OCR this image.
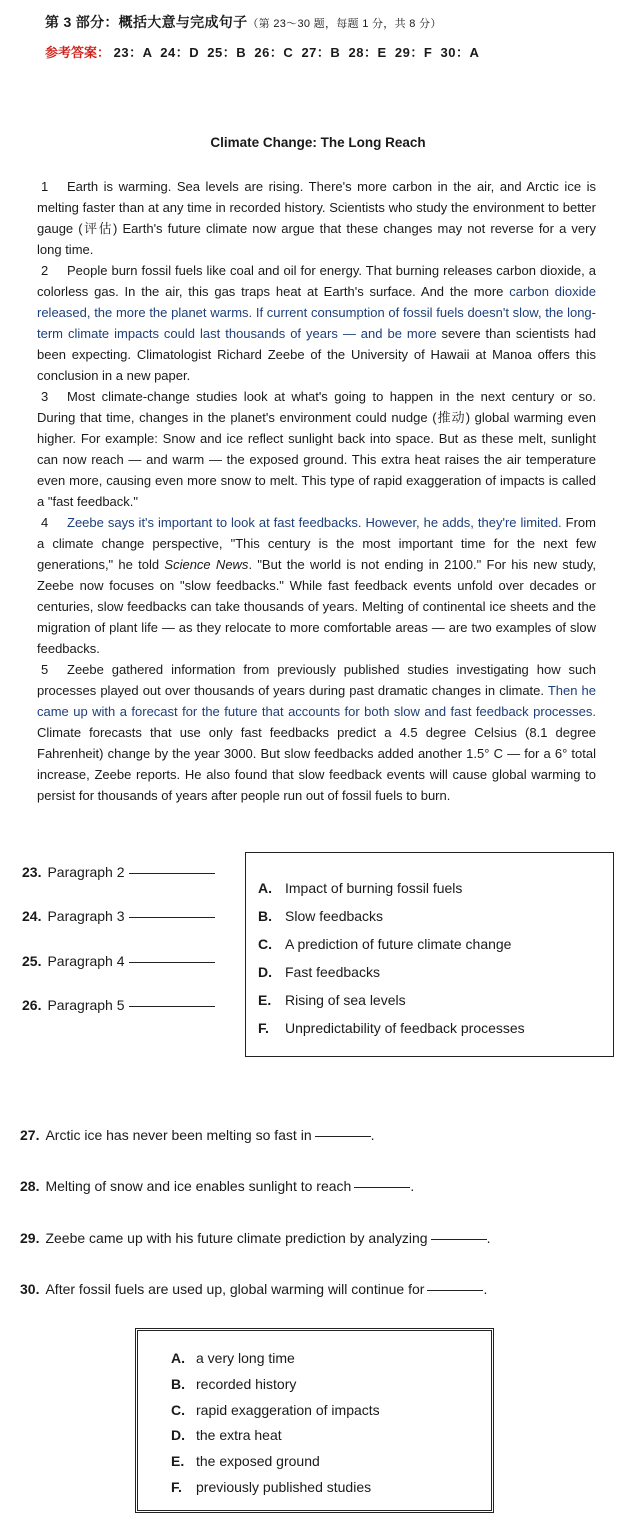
第 3 部分：概括大意与完成句子（第 23～30 题，每题 1 分，共 8 分）
参考答案： 23：A  24：D  25：B  26：C  27：B  28：E  29：F  30：A
Climate Change: The Long Reach

1 Earth is warming. Sea levels are rising. There's more carbon in the air, and Arctic ice is melting faster than at any time in recorded history. Scientists who study the environment to better gauge (评估) Earth's future climate now argue that these changes may not reverse for a very long time.

2 People burn fossil fuels like coal and oil for energy. That burning releases carbon dioxide, a colorless gas. In the air, this gas traps heat at Earth's surface. And the more carbon dioxide released, the more the planet warms. If current consumption of fossil fuels doesn't slow, the long-term climate impacts could last thousands of years — and be more severe than scientists had been expecting. Climatologist Richard Zeebe of the University of Hawaii at Manoa offers this conclusion in a new paper.

3 Most climate-change studies look at what's going to happen in the next century or so. During that time, changes in the planet's environment could nudge (推动) global warming even higher. For example: Snow and ice reflect sunlight back into space. But as these melt, sunlight can now reach — and warm — the exposed ground. This extra heat raises the air temperature even more, causing even more snow to melt. This type of rapid exaggeration of impacts is called a "fast feedback."

4 Zeebe says it's important to look at fast feedbacks. However, he adds, they're limited. From a climate change perspective, "This century is the most important time for the next few generations," he told Science News. "But the world is not ending in 2100." For his new study, Zeebe now focuses on "slow feedbacks." While fast feedback events unfold over decades or centuries, slow feedbacks can take thousands of years. Melting of continental ice sheets and the migration of plant life — as they relocate to more comfortable areas — are two examples of slow feedbacks.

5 Zeebe gathered information from previously published studies investigating how such processes played out over thousands of years during past dramatic changes in climate. Then he came up with a forecast for the future that accounts for both slow and fast feedback processes. Climate forecasts that use only fast feedbacks predict a 4.5 degree Celsius (8.1 degree Fahrenheit) change by the year 3000. But slow feedbacks added another 1.5° C — for a 6° total increase, Zeebe reports. He also found that slow feedback events will cause global warming to persist for thousands of years after people run out of fossil fuels to burn.

23. Paragraph 2
24. Paragraph 3
25. Paragraph 4
26. Paragraph 5
A. Impact of burning fossil fuels
B. Slow feedbacks
C. A prediction of future climate change
D. Fast feedbacks
E. Rising of sea levels
F. Unpredictability of feedback processes
27. Arctic ice has never been melting so fast in	.
28. Melting of snow and ice enables sunlight to reach	.
29. Zeebe came up with his future climate prediction by analyzing	.
30. After fossil fuels are used up, global warming will continue for	.
A. a very long time
B. recorded history
C. rapid exaggeration of impacts
D. the extra heat
E. the exposed ground
F. previously published studies
